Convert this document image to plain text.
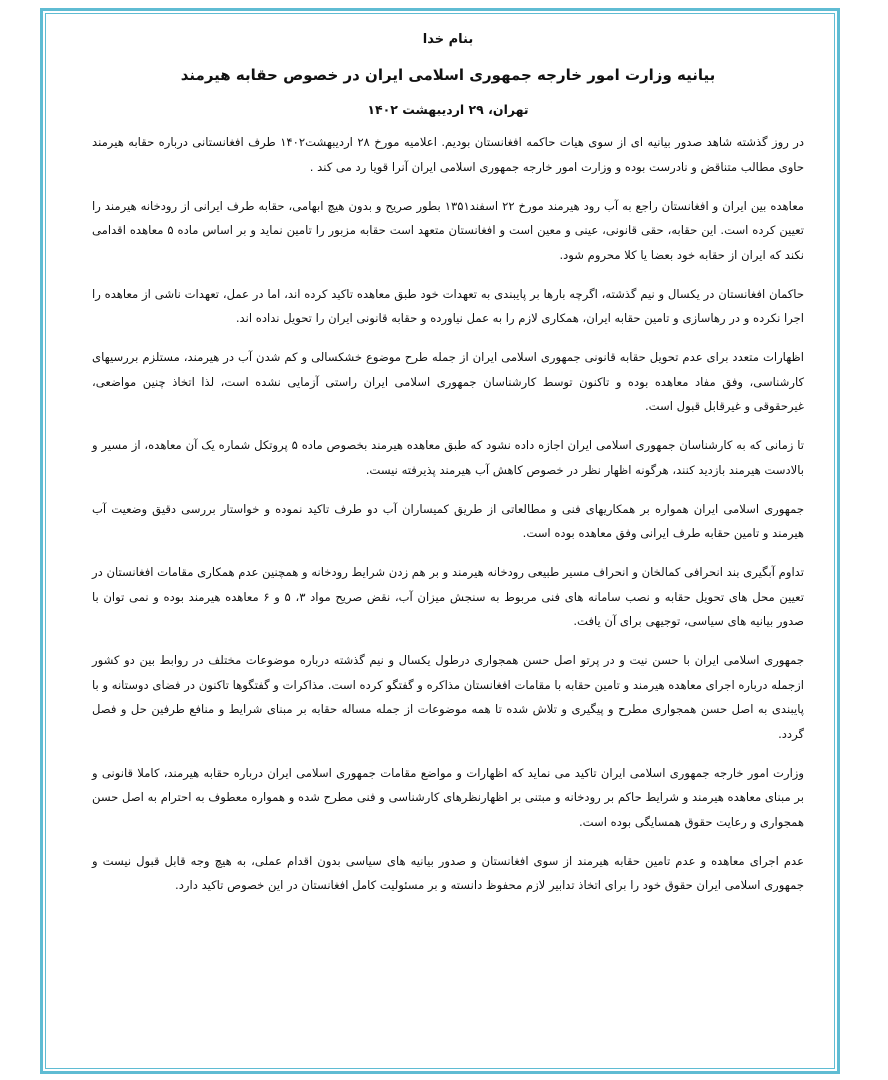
بنام خدا
بیانیه وزارت امور خارجه جمهوری اسلامی ایران در خصوص حقابه هیرمند
تهران، ۲۹ اردیبهشت ۱۴۰۲

در روز گذشته شاهد صدور بیانیه ای از سوی هیات حاکمه افغانستان بودیم. اعلامیه مورخ ۲۸ اردیبهشت۱۴۰۲ طرف افغانستانی درباره حقابه هیرمند حاوی مطالب متناقض و نادرست بوده و وزارت امور خارجه جمهوری اسلامی ایران آنرا قویا رد می کند .

معاهده بین ایران و افغانستان راجع به آب رود هیرمند مورخ ۲۲ اسفند۱۳۵۱ بطور صریح و بدون هیچ ابهامی، حقابه طرف ایرانی از رودخانه هیرمند را تعیین کرده است. این حقابه، حقی قانونی، عینی و معین است و افغانستان متعهد است حقابه مزبور را تامین نماید و بر اساس ماده ۵ معاهده اقدامی نکند که ایران از حقابه خود بعضا یا کلا محروم شود.

حاکمان افغانستان در یکسال و نیم گذشته، اگرچه بارها بر پایبندی به تعهدات خود طبق معاهده تاکید کرده اند، اما در عمل، تعهدات ناشی از معاهده را اجرا نکرده و در رهاسازی و تامین حقابه ایران، همکاری لازم را به عمل نیاورده و حقابه قانونی ایران را تحویل نداده اند.

اظهارات متعدد برای عدم تحویل حقابه قانونی جمهوری اسلامی ایران از جمله طرح موضوع خشکسالی و کم شدن آب در هیرمند، مستلزم بررسیهای کارشناسی، وفق مفاد معاهده بوده و تاکنون توسط کارشناسان جمهوری اسلامی ایران راستی آزمایی نشده است، لذا اتخاذ چنین مواضعی، غیرحقوقی و غیرقابل قبول است.

تا زمانی که به کارشناسان جمهوری اسلامی ایران اجازه داده نشود که طبق معاهده هیرمند بخصوص ماده ۵ پروتکل شماره یک آن معاهده، از مسیر و بالادست هیرمند بازدید کنند، هرگونه اظهار نظر در خصوص کاهش آب هیرمند پذیرفته نیست.

جمهوری اسلامی ایران همواره بر همکاریهای فنی و مطالعاتی از طریق کمیساران آب دو طرف تاکید نموده و خواستار بررسی دقیق وضعیت آب هیرمند و تامین حقابه طرف ایرانی وفق معاهده بوده است.

تداوم آبگیری بند انحرافی کمالخان و انحراف مسیر طبیعی رودخانه هیرمند و بر هم زدن شرایط رودخانه و همچنین عدم همکاری مقامات افغانستان در تعیین محل های تحویل حقابه و نصب سامانه های فنی مربوط به سنجش میزان آب، نقض صریح مواد ۳، ۵ و ۶ معاهده هیرمند بوده و نمی توان با صدور بیانیه های سیاسی، توجیهی برای آن یافت.

جمهوری اسلامی ایران با حسن نیت و در پرتو اصل حسن همجواری درطول یکسال و نیم گذشته درباره موضوعات مختلف در روابط بین دو کشور ازجمله درباره اجرای معاهده هیرمند و تامین حقابه با مقامات افغانستان مذاکره و گفتگو کرده است. مذاکرات و گفتگوها تاکنون در فضای دوستانه و با پایبندی به اصل حسن همجواری مطرح و پیگیری و تلاش شده تا همه موضوعات از جمله مساله حقابه بر مبنای شرایط و منافع طرفین حل و فصل گردد.

وزارت امور خارجه جمهوری اسلامی ایران تاکید می نماید که اظهارات و مواضع مقامات جمهوری اسلامی ایران درباره حقابه هیرمند، کاملا قانونی و بر مبنای معاهده هیرمند و شرایط حاکم بر رودخانه و مبتنی بر اظهارنظرهای کارشناسی و فنی مطرح شده و همواره معطوف به احترام به اصل حسن همجواری و رعایت حقوق همسایگی بوده است.

عدم اجرای معاهده و عدم تامین حقابه هیرمند از سوی افغانستان و صدور بیانیه های سیاسی بدون اقدام عملی، به هیچ وجه قابل قبول نیست و جمهوری اسلامی ایران حقوق خود را برای اتخاذ تدابیر لازم محفوظ دانسته و بر مسئولیت کامل افغانستان در این خصوص تاکید دارد.
